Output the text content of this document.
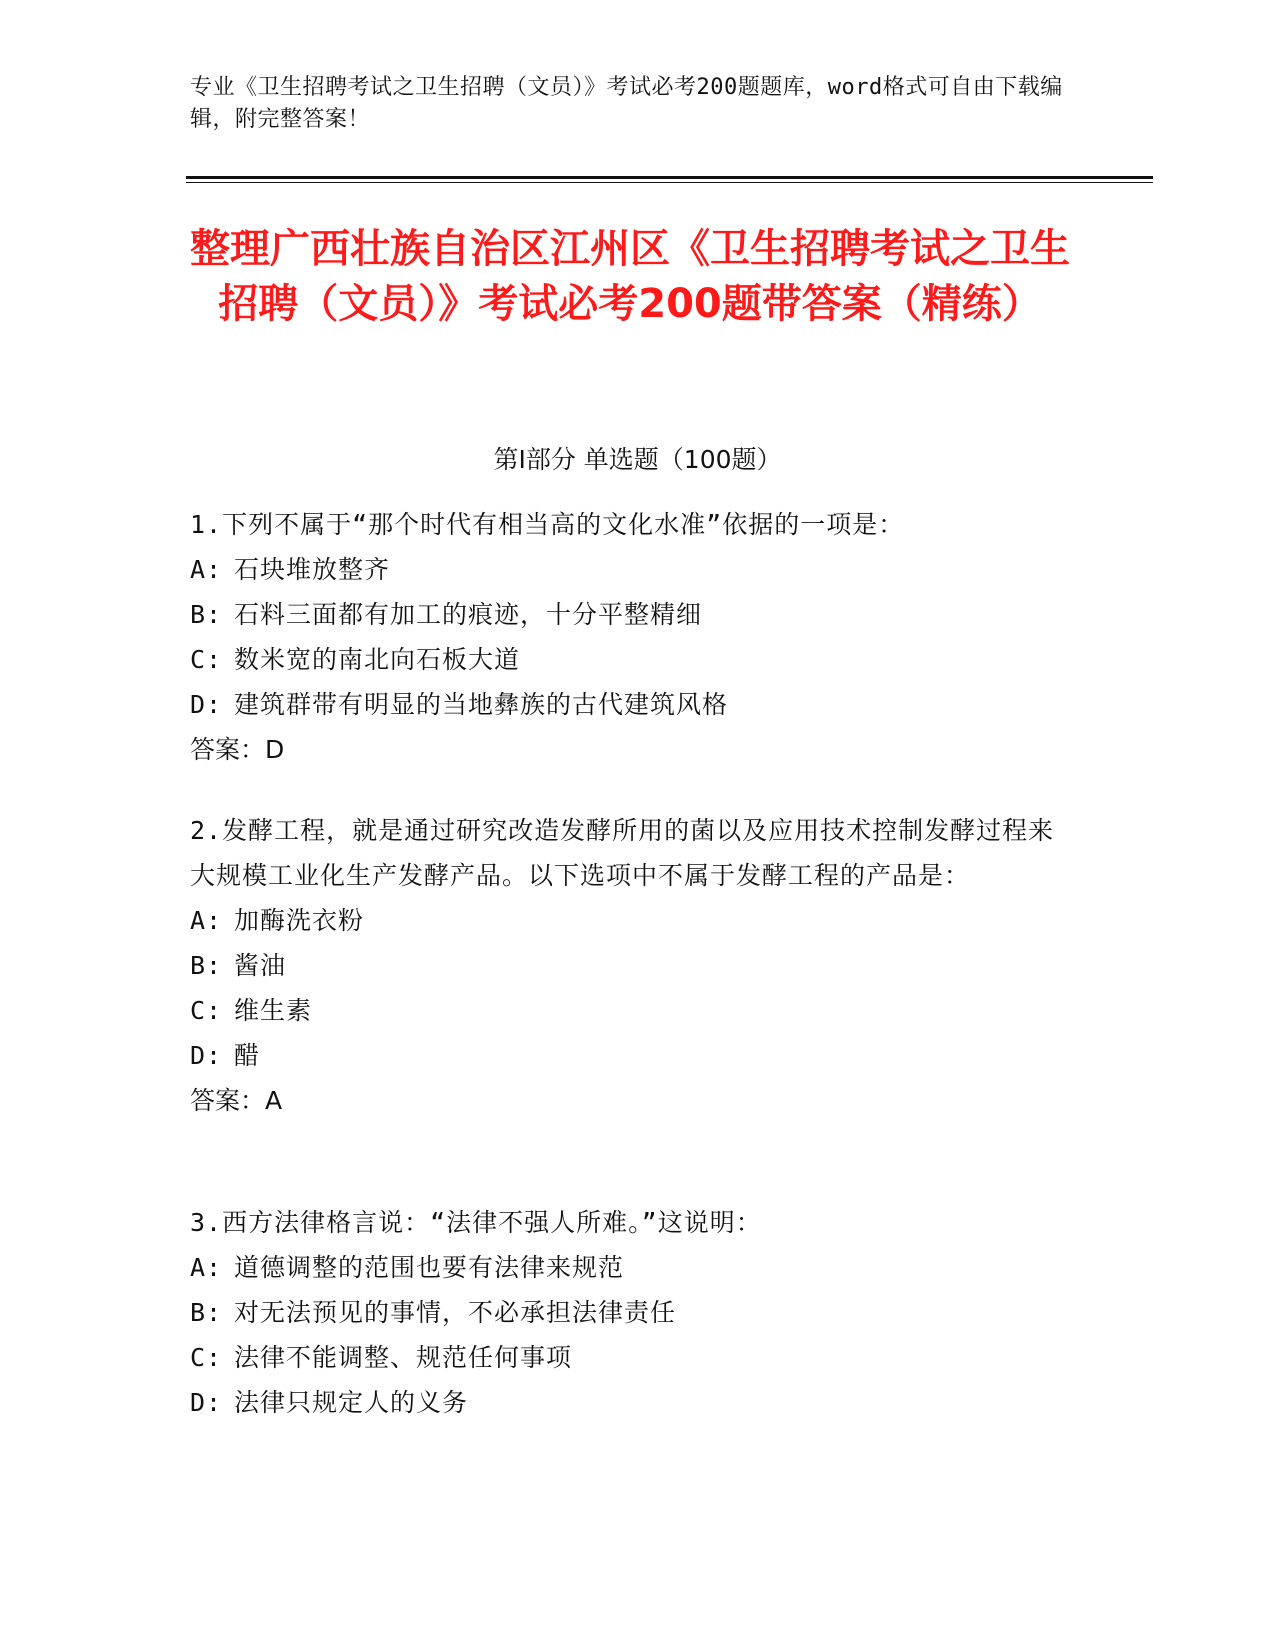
专业《卫生招聘考试之卫生招聘（文员）》考试必考200题题库，word格式可自由下载编辑，附完整答案！
整理广西壮族自治区江州区《卫生招聘考试之卫生招聘（文员）》考试必考200题带答案（精练）
第Ⅰ部分 单选题（100题）

1.下列不属于“那个时代有相当高的文化水准”依据的一项是：

A: 石块堆放整齐
B: 石料三面都有加工的痕迹，十分平整精细
C: 数米宽的南北向石板大道
D: 建筑群带有明显的当地彝族的古代建筑风格

答案：D

2.发酵工程，就是通过研究改造发酵所用的菌以及应用技术控制发酵过程来大规模工业化生产发酵产品。以下选项中不属于发酵工程的产品是：

A: 加酶洗衣粉
B: 酱油
C: 维生素
D: 醋

答案：A

3.西方法律格言说：“法律不强人所难。”这说明：

A: 道德调整的范围也要有法律来规范
B: 对无法预见的事情，不必承担法律责任
C: 法律不能调整、规范任何事项
D: 法律只规定人的义务
